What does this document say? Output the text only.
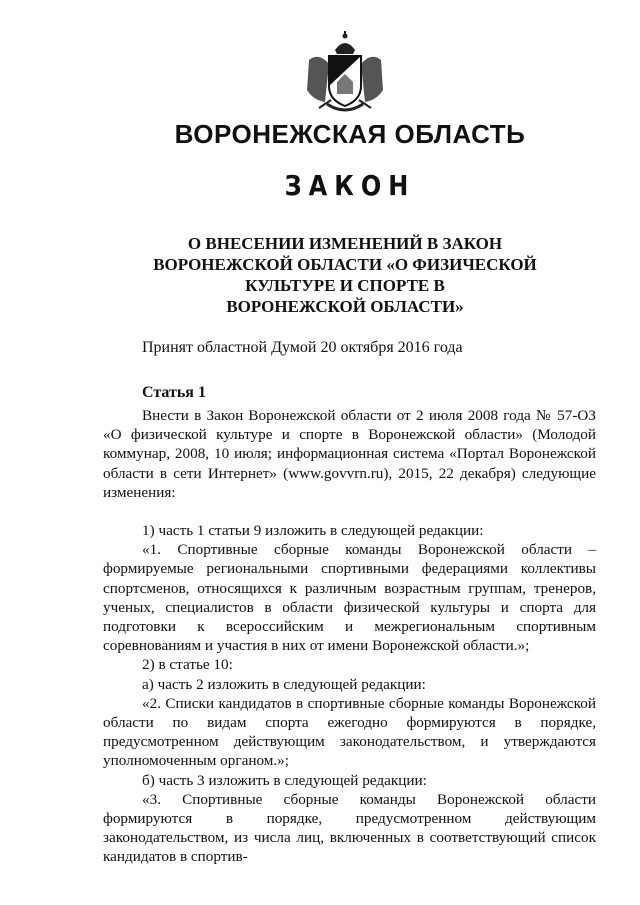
ВОРОНЕЖСКАЯ ОБЛАСТЬ
ЗАКОН
О ВНЕСЕНИИ ИЗМЕНЕНИЙ В ЗАКОН
ВОРОНЕЖСКОЙ ОБЛАСТИ «О ФИЗИЧЕСКОЙ
КУЛЬТУРЕ И СПОРТЕ В
ВОРОНЕЖСКОЙ ОБЛАСТИ»
Принят областной Думой 20 октября 2016 года
Статья 1

Внести в Закон Воронежской области от 2 июля 2008 года № 57-ОЗ «О физической культуре и спорте в Воронежской области» (Молодой коммунар, 2008, 10 июля; информационная система «Портал Воронежской области в сети Интернет» (www.govvrn.ru), 2015, 22 декабря) следующие изменения:

1) часть 1 статьи 9 изложить в следующей редакции:

«1. Спортивные сборные команды Воронежской области – формируемые региональными спортивными федерациями коллективы спортсменов, относящихся к различным возрастным группам, тренеров, ученых, специалистов в области физической культуры и спорта для подготовки к всероссийским и межрегиональным спортивным соревнованиям и участия в них от имени Воронежской области.»;

2) в статье 10:

а) часть 2 изложить в следующей редакции:

«2. Списки кандидатов в спортивные сборные команды Воронежской области по видам спорта ежегодно формируются в порядке, предусмотренном действующим законодательством, и утверждаются уполномоченным органом.»;

б) часть 3 изложить в следующей редакции:

«3. Спортивные сборные команды Воронежской области формируются в порядке, предусмотренном действующим законодательством, из числа лиц, включенных в соответствующий список кандидатов в спортив-
